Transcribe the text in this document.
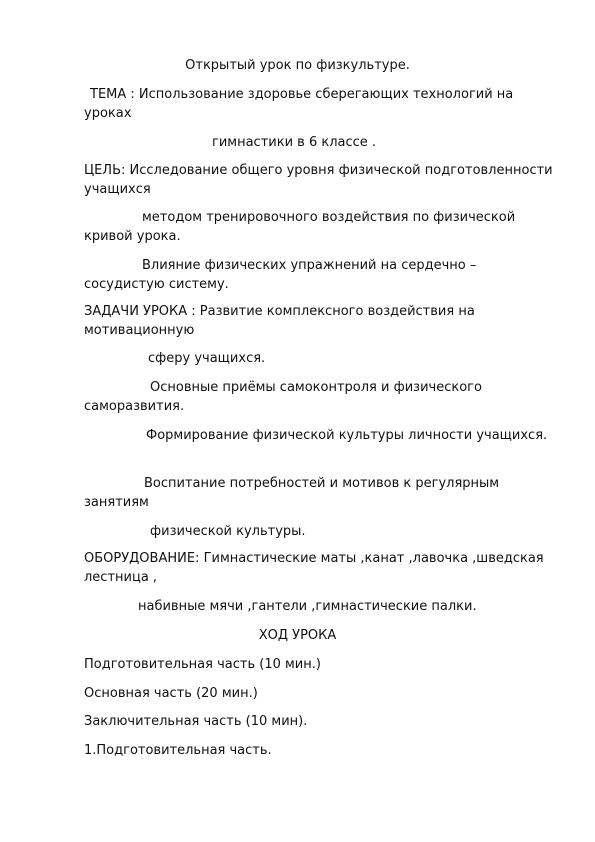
Открытый урок по физкультуре.
ТЕМА : Использование здоровье сберегающих технологий на уроках
гимнастики в 6 классе .
ЦЕЛЬ: Исследование общего уровня физической подготовленности учащихся
методом тренировочного воздействия по физической кривой урока.
Влияние физических упражнений на сердечно – сосудистую систему.
ЗАДАЧИ УРОКА : Развитие комплексного воздействия на мотивационную
сферу учащихся.
Основные приёмы самоконтроля и физического саморазвития.
Формирование физической культуры личности учащихся.
Воспитание потребностей и мотивов к регулярным занятиям
физической культуры.
ОБОРУДОВАНИЕ: Гимнастические маты ,канат ,лавочка ,шведская лестница ,
набивные мячи ,гантели ,гимнастические палки.
ХОД УРОКА
Подготовительная часть (10 мин.)
Основная часть (20 мин.)
Заключительная часть (10 мин).
1.Подготовительная часть.
